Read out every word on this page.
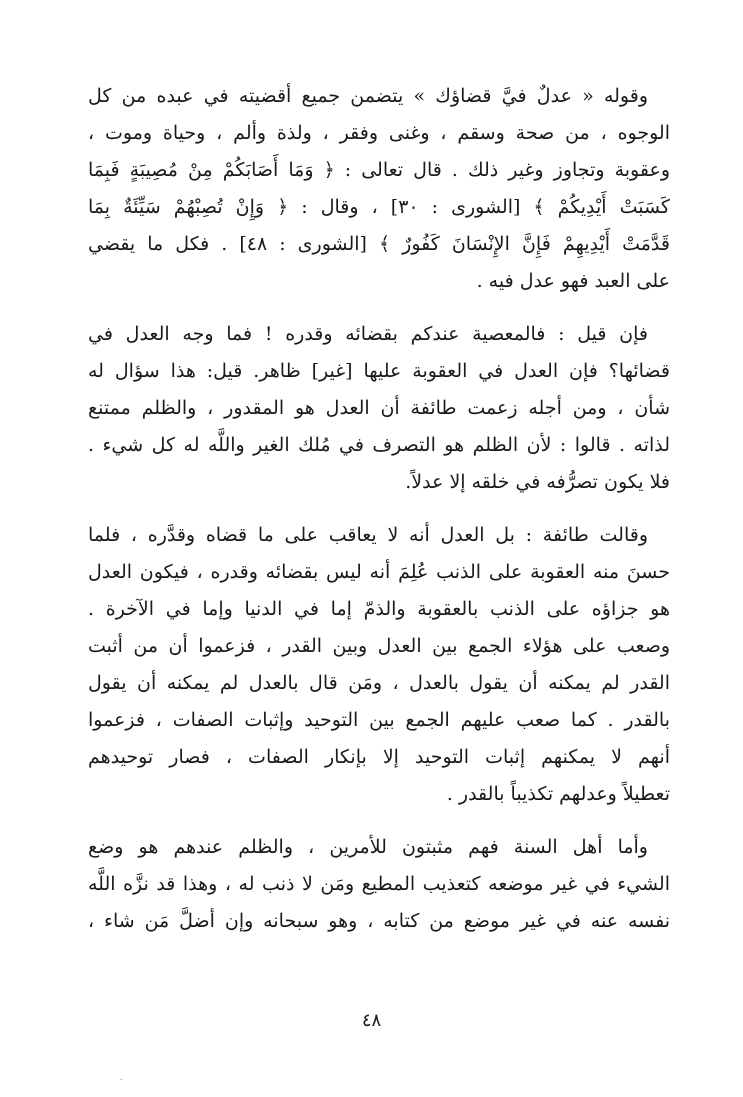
وقوله « عدلٌ فيَّ قضاؤك » يتضمن جميع أقضيته في عبده من كل
الوجوه ، من صحة وسقم ، وغنى وفقر ، ولذة وألم ، وحياة وموت ،
وعقوبة وتجاوز وغير ذلك . قال تعالى : ﴿ وَمَا أَصَابَكُمْ مِنْ مُصِيبَةٍ فَبِمَا
كَسَبَتْ أَيْدِيكُمْ ﴾ [الشورى : ٣٠] ، وقال : ﴿ وَإِنْ تُصِبْهُمْ سَيِّئَةٌ بِمَا
قَدَّمَتْ أَيْدِيهِمْ فَإِنَّ الإِنْسَانَ كَفُورٌ ﴾ [الشورى : ٤٨] . فكل ما يقضي
على العبد فهو عدل فيه .
فإن قيل : فالمعصية عندكم بقضائه وقدره ! فما وجه العدل في
قضائها؟ فإن العدل في العقوبة عليها [غير] ظاهر. قيل: هذا سؤال له
شأن ، ومن أجله زعمت طائفة أن العدل هو المقدور ، والظلم ممتنع
لذاته . قالوا : لأن الظلم هو التصرف في مُلك الغير واللَّه له كل شيء .
فلا يكون تصرُّفه في خلقه إلا عدلاً.
وقالت طائفة : بل العدل أنه لا يعاقب على ما قضاه وقدَّره ، فلما
حسنَ منه العقوبة على الذنب عُلِمَ أنه ليس بقضائه وقدره ، فيكون العدل
هو جزاؤه على الذنب بالعقوبة والذمّ إما في الدنيا وإما في الآخرة .
وصعب على هؤلاء الجمع بين العدل وبين القدر ، فزعموا أن من أثبت
القدر لم يمكنه أن يقول بالعدل ، ومَن قال بالعدل لم يمكنه أن يقول
بالقدر . كما صعب عليهم الجمع بين التوحيد وإثبات الصفات ، فزعموا
أنهم لا يمكنهم إثبات التوحيد إلا بإنكار الصفات ، فصار توحيدهم
تعطيلاً وعدلهم تكذيباً بالقدر .
وأما أهل السنة فهم مثبتون للأمرين ، والظلم عندهم هو وضع
الشيء في غير موضعه كتعذيب المطيع ومَن لا ذنب له ، وهذا قد نزَّه اللَّه
نفسه عنه في غير موضع من كتابه ، وهو سبحانه وإن أضلَّ مَن شاء ،
٤٨
